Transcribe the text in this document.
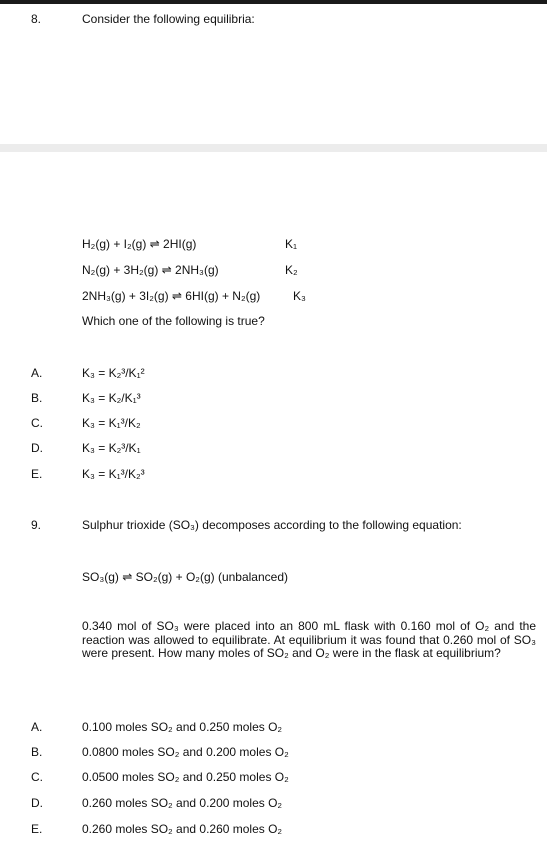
8.	Consider the following equilibria:
H₂(g) + I₂(g) ⇌ 2HI(g)	K₁
N₂(g) + 3H₂(g) ⇌ 2NH₃(g)	K₂
2NH₃(g) + 3I₂(g) ⇌ 6HI(g) + N₂(g)	K₃
Which one of the following is true?
A.	K₃ = K₂³/K₁²
B.	K₃ = K₂/K₁³
C.	K₃ = K₁³/K₂
D.	K₃ = K₂³/K₁
E.	K₃ = K₁³/K₂³
9.	Sulphur trioxide (SO₃) decomposes according to the following equation:
SO₃(g) ⇌ SO₂(g) + O₂(g) (unbalanced)
0.340 mol of SO₃ were placed into an 800 mL flask with 0.160 mol of O₂ and the reaction was allowed to equilibrate. At equilibrium it was found that 0.260 mol of SO₃ were present. How many moles of SO₂ and O₂ were in the flask at equilibrium?
A.	0.100 moles SO₂ and 0.250 moles O₂
B.	0.0800 moles SO₂ and 0.200 moles O₂
C.	0.0500 moles SO₂ and 0.250 moles O₂
D.	0.260 moles SO₂ and 0.200 moles O₂
E.	0.260 moles SO₂ and 0.260 moles O₂
